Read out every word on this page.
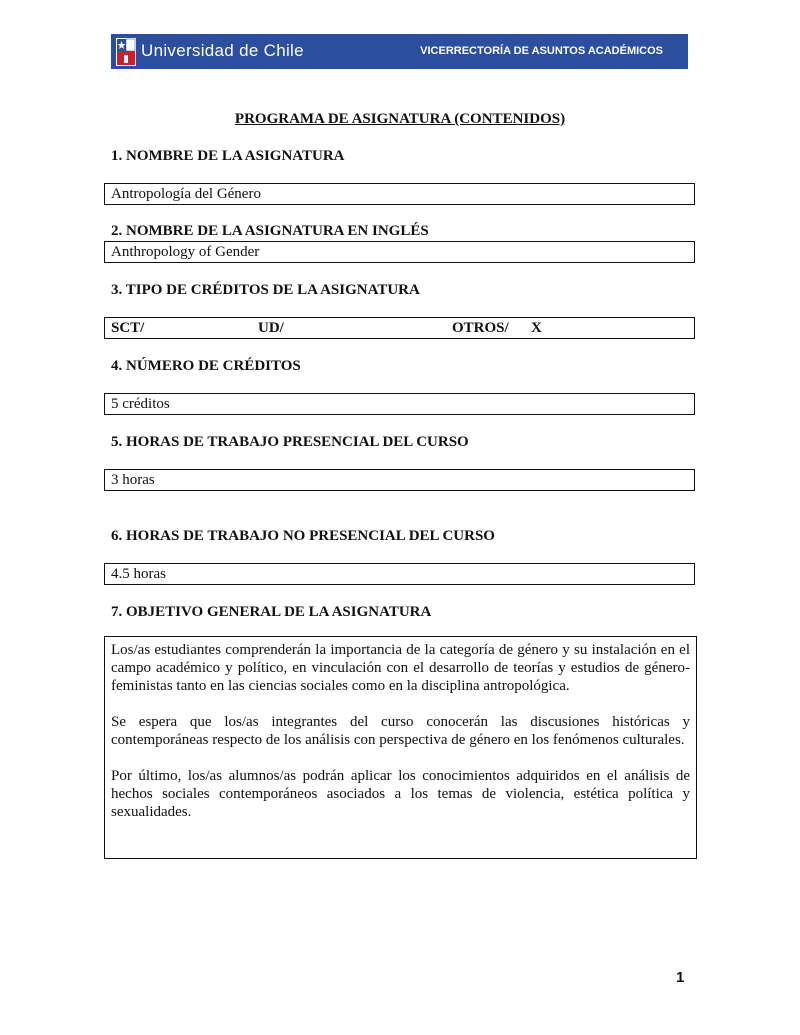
Universidad de Chile	VICERRECTORÍA DE ASUNTOS ACADÉMICOS
PROGRAMA DE ASIGNATURA (CONTENIDOS)
1. NOMBRE DE LA ASIGNATURA
Antropología del Género
2. NOMBRE DE LA ASIGNATURA EN INGLÉS
Anthropology of Gender
3. TIPO DE CRÉDITOS DE LA ASIGNATURA
SCT/	UD/	OTROS/ X
4. NÚMERO DE CRÉDITOS
5 créditos
5. HORAS DE TRABAJO PRESENCIAL DEL CURSO
3 horas
6. HORAS DE TRABAJO NO PRESENCIAL DEL CURSO
4.5 horas
7. OBJETIVO GENERAL DE LA ASIGNATURA

Los/as estudiantes comprenderán la importancia de la categoría de género y su instalación en el campo académico y político, en vinculación con el desarrollo de teorías y estudios de género-feministas tanto en las ciencias sociales como en la disciplina antropológica.

Se espera que los/as integrantes del curso conocerán las discusiones históricas y contemporáneas respecto de los análisis con perspectiva de género en los fenómenos culturales.

Por último, los/as alumnos/as podrán aplicar los conocimientos adquiridos en el análisis de hechos sociales contemporáneos asociados a los temas de violencia, estética política y sexualidades.

1
